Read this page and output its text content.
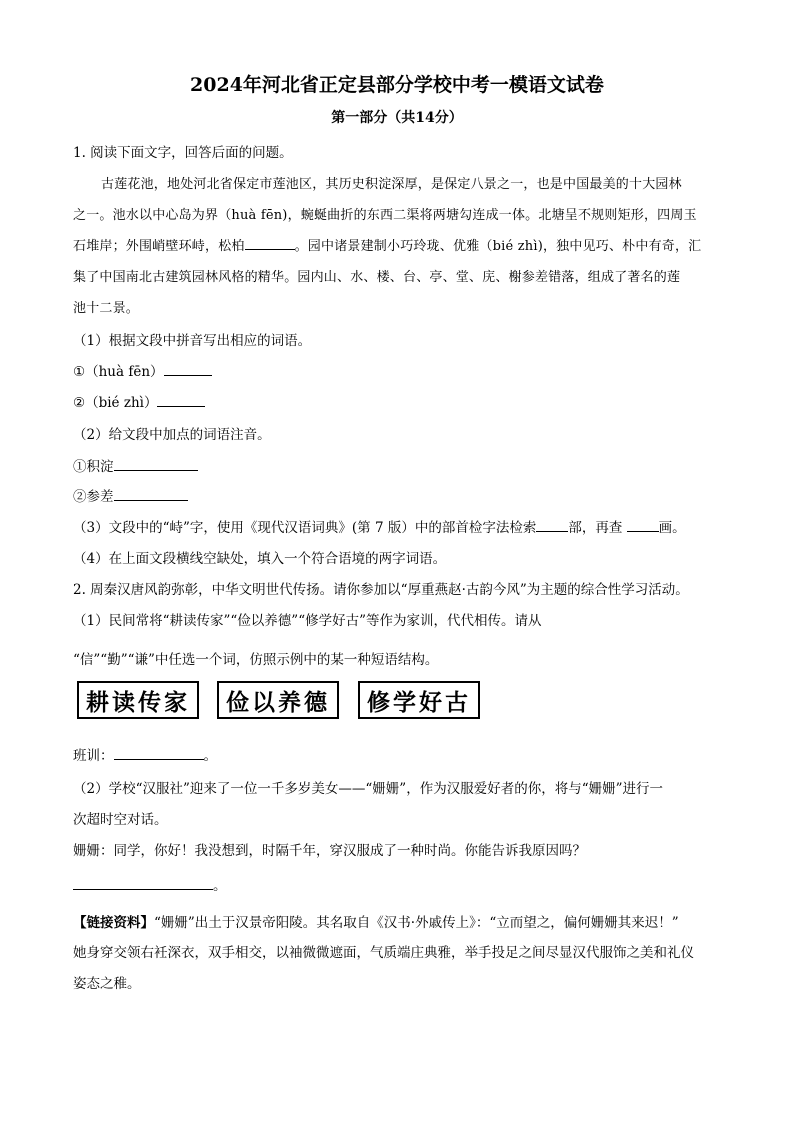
2024年河北省正定县部分学校中考一模语文试卷
第一部分（共14分）
1. 阅读下面文字，回答后面的问题。
古莲花池，地处河北省保定市莲池区，其历史积淀深厚，是保定八景之一，也是中国最美的十大园林
之一。池水以中心岛为界（huà fēn)，蜿蜒曲折的东西二渠将两塘勾连成一体。北塘呈不规则矩形，四周玉
石堆岸；外围峭壁环峙，松柏	。园中诸景建制小巧玲珑、优雅（bié zhì)，独中见巧、朴中有奇，汇
集了中国南北古建筑园林风格的精华。园内山、水、楼、台、亭、堂、庑、榭参差错落，组成了著名的莲
池十二景。
（1）根据文段中拼音写出相应的词语。
①（huà fēn）
②（bié zhì）
（2）给文段中加点的词语注音。
①积淀
②参差
（3）文段中的“峙”字，使用《现代汉语词典》(第 7 版）中的部首检字法检索 部，再查	画。
（4）在上面文段横线空缺处，填入一个符合语境的两字词语。
2. 周秦汉唐风韵弥彰，中华文明世代传扬。请你参加以“厚重燕赵·古韵今风”为主题的综合性学习活动。
（1）民间常将“耕读传家”“俭以养德”“修学好古”等作为家训，代代相传。请从
“信”“勤”“谦”中任选一个词，仿照示例中的某一种短语结构。
耕读传家 俭以养德 修学好古
班训：	。
（2）学校“汉服社”迎来了一位一千多岁美女——“姗姗”，作为汉服爱好者的你，将与“姗姗”进行一
次超时空对话。
姗姗：同学，你好！我没想到，时隔千年，穿汉服成了一种时尚。你能告诉我原因吗？
。
【链接资料】“姗姗”出土于汉景帝阳陵。其名取自《汉书·外戚传上》：“立而望之，偏何姗姗其来迟！”
她身穿交领右衽深衣，双手相交，以袖微微遮面，气质端庄典雅，举手投足之间尽显汉代服饰之美和礼仪
姿态之稚。
